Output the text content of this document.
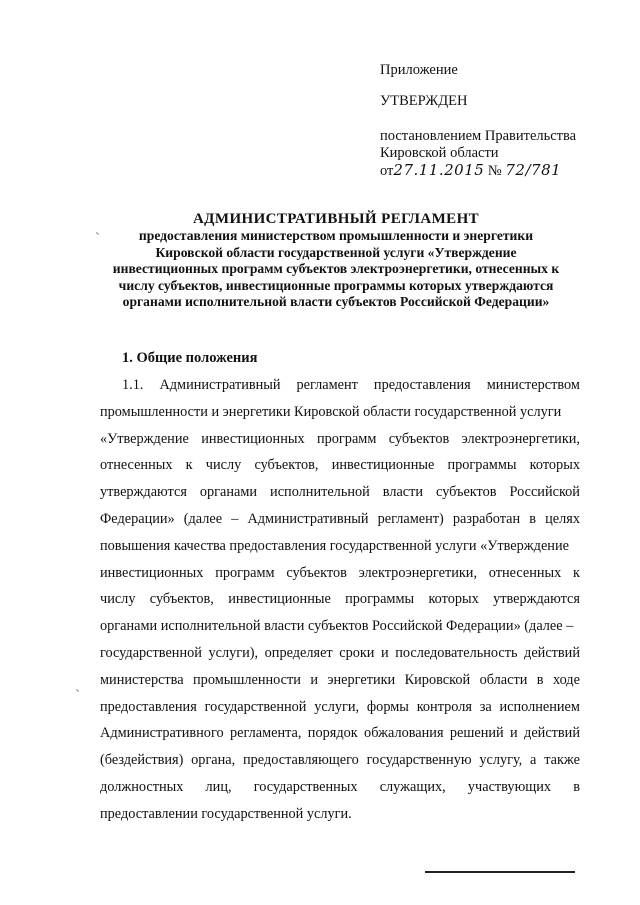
Приложение
УТВЕРЖДЕН
постановлением Правительства
Кировской области
от27.11.2015 № 72/781
АДМИНИСТРАТИВНЫЙ РЕГЛАМЕНТ
предоставления министерством промышленности и энергетики
Кировской области государственной услуги «Утверждение
инвестиционных программ субъектов электроэнергетики, отнесенных к
числу субъектов, инвестиционные программы которых утверждаются
органами исполнительной власти субъектов Российской Федерации»
1. Общие положения
1.1. Административный регламент предоставления министерством
промышленности и энергетики Кировской области государственной услуги
«Утверждение инвестиционных программ субъектов электроэнергетики,
отнесенных к числу субъектов, инвестиционные программы которых
утверждаются органами исполнительной власти субъектов Российской
Федерации» (далее – Административный регламент) разработан в целях
повышения качества предоставления государственной услуги «Утверждение
инвестиционных программ субъектов электроэнергетики, отнесенных к
числу субъектов, инвестиционные программы которых утверждаются
органами исполнительной власти субъектов Российской Федерации» (далее –
государственной услуги), определяет сроки и последовательность действий
министерства промышленности и энергетики Кировской области в ходе
предоставления государственной услуги, формы контроля за исполнением
Административного регламента, порядок обжалования решений и действий
(бездействия) органа, предоставляющего государственную услугу, а также
должностных лиц, государственных служащих, участвующих в
предоставлении государственной услуги.
